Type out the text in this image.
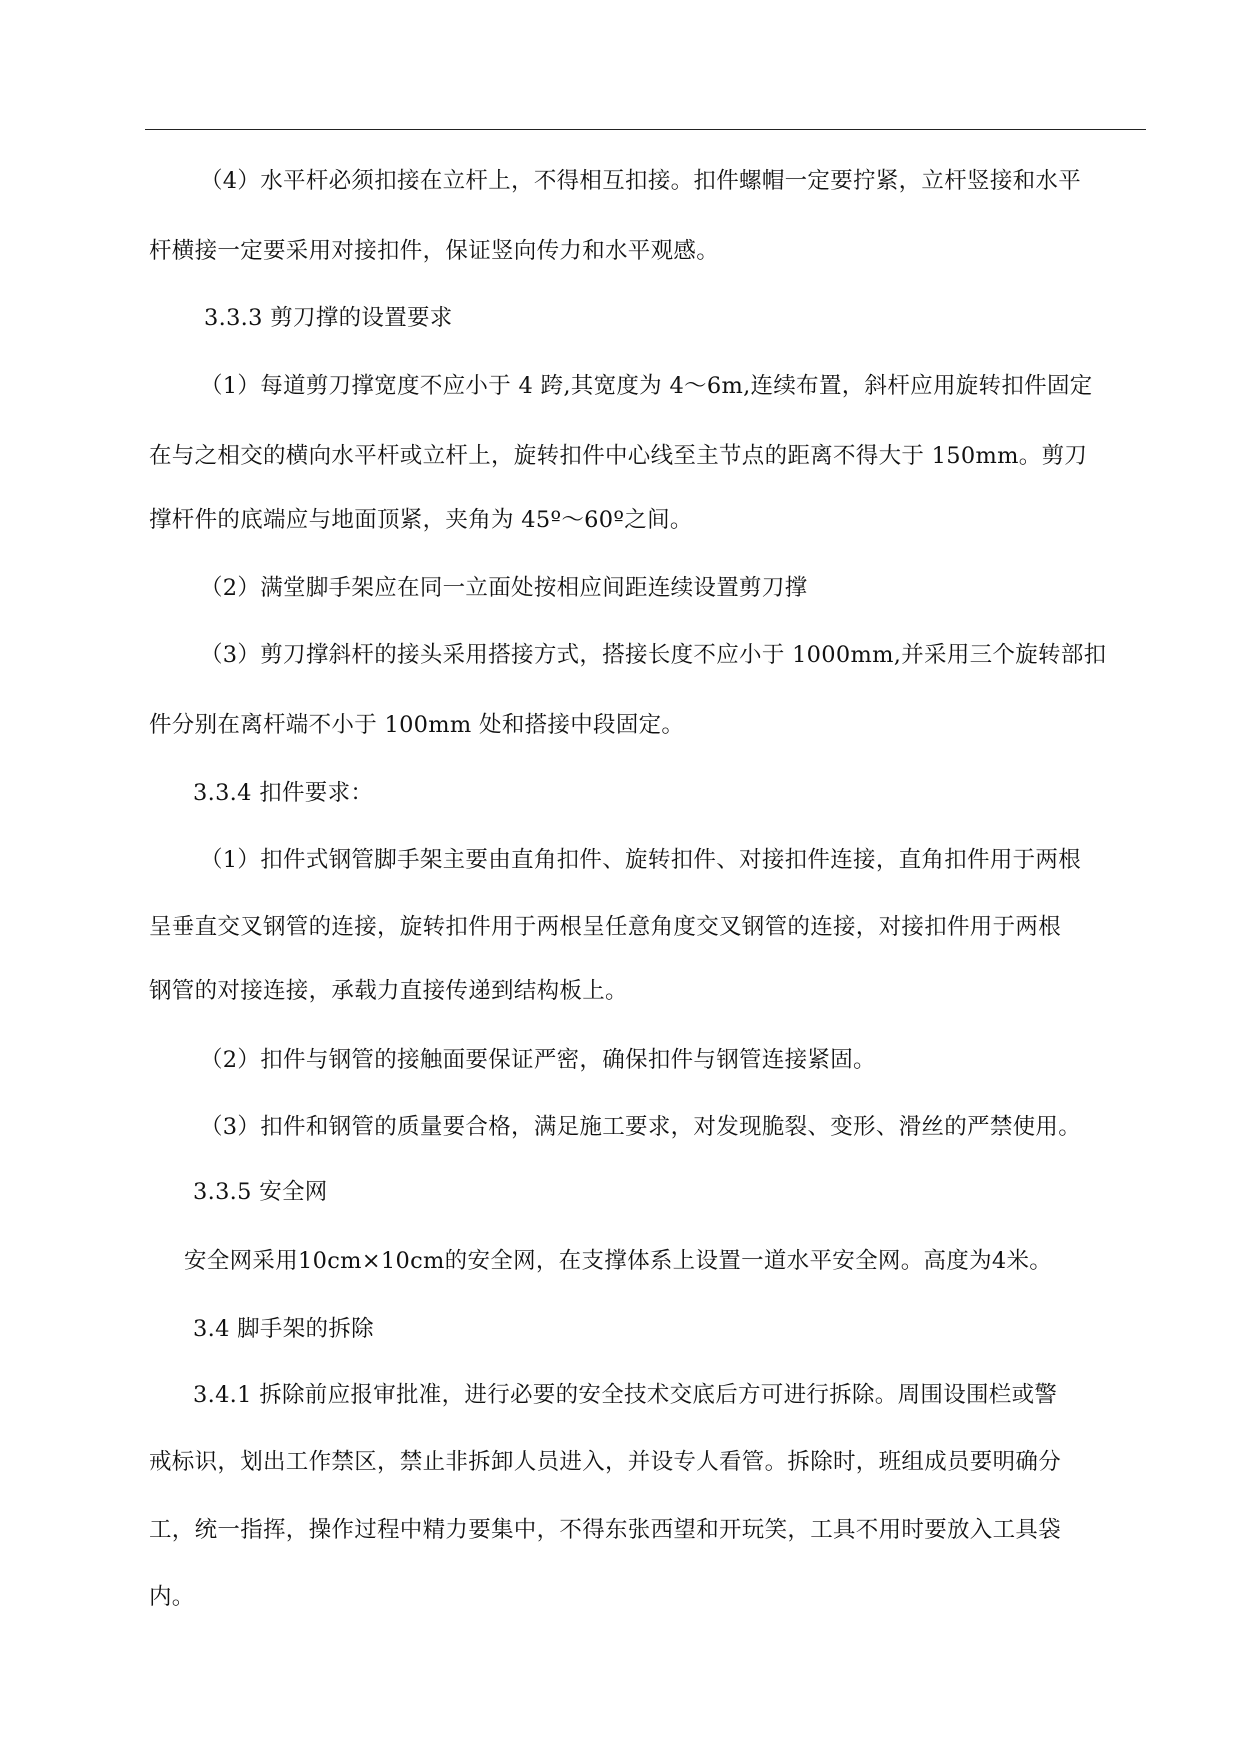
（4）水平杆必须扣接在立杆上，不得相互扣接。扣件螺帽一定要拧紧，立杆竖接和水平
杆横接一定要采用对接扣件，保证竖向传力和水平观感。
3.3.3 剪刀撑的设置要求
（1）每道剪刀撑宽度不应小于 4 跨,其宽度为 4～6m,连续布置，斜杆应用旋转扣件固定
在与之相交的横向水平杆或立杆上，旋转扣件中心线至主节点的距离不得大于 150mm。剪刀
撑杆件的底端应与地面顶紧，夹角为 45º～60º之间。
（2）满堂脚手架应在同一立面处按相应间距连续设置剪刀撑
（3）剪刀撑斜杆的接头采用搭接方式，搭接长度不应小于 1000mm,并采用三个旋转部扣
件分别在离杆端不小于 100mm 处和搭接中段固定。
3.3.4 扣件要求：
（1）扣件式钢管脚手架主要由直角扣件、旋转扣件、对接扣件连接，直角扣件用于两根
呈垂直交叉钢管的连接，旋转扣件用于两根呈任意角度交叉钢管的连接，对接扣件用于两根
钢管的对接连接，承载力直接传递到结构板上。
（2）扣件与钢管的接触面要保证严密，确保扣件与钢管连接紧固。
（3）扣件和钢管的质量要合格，满足施工要求，对发现脆裂、变形、滑丝的严禁使用。
3.3.5 安全网
安全网采用10cm×10cm的安全网，在支撑体系上设置一道水平安全网。高度为4米。
3.4 脚手架的拆除
3.4.1 拆除前应报审批准，进行必要的安全技术交底后方可进行拆除。周围设围栏或警
戒标识，划出工作禁区，禁止非拆卸人员进入，并设专人看管。拆除时，班组成员要明确分
工，统一指挥，操作过程中精力要集中，不得东张西望和开玩笑，工具不用时要放入工具袋
内。
